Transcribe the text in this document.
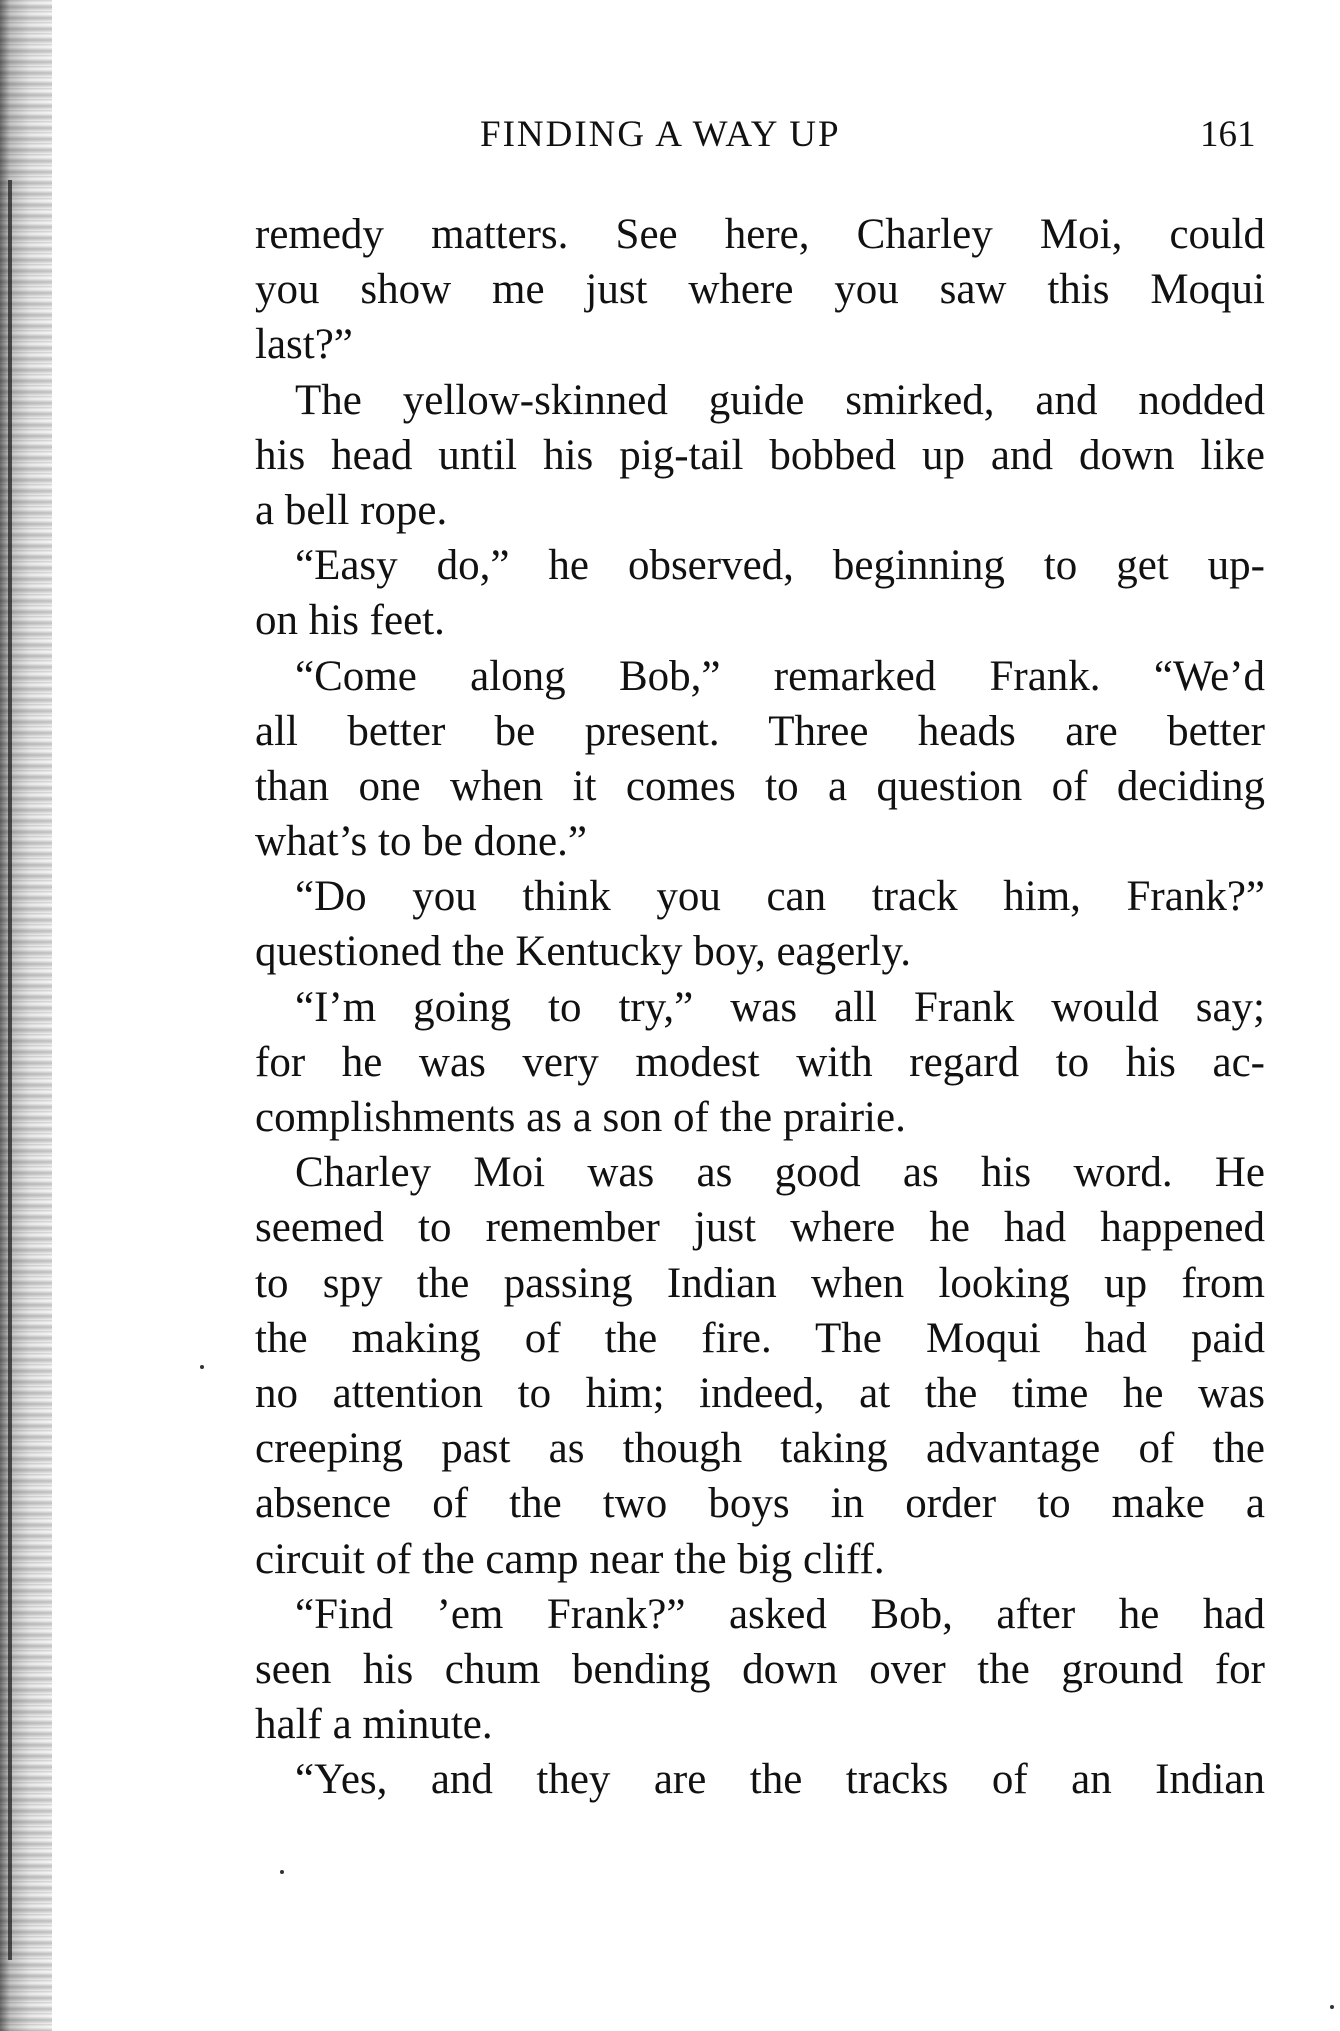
FINDING A WAY UP	161
remedy matters. See here, Charley Moi, could
you show me just where you saw this Moqui
last?”
The yellow-skinned guide smirked, and nodded
his head until his pig-tail bobbed up and down like
a bell rope.
“Easy do,” he observed, beginning to get up-
on his feet.
“Come along Bob,” remarked Frank. “We’d
all better be present. Three heads are better
than one when it comes to a question of deciding
what’s to be done.”
“Do you think you can track him, Frank?”
questioned the Kentucky boy, eagerly.
“I’m going to try,” was all Frank would say;
for he was very modest with regard to his ac-
complishments as a son of the prairie.
Charley Moi was as good as his word. He
seemed to remember just where he had happened
to spy the passing Indian when looking up from
the making of the fire. The Moqui had paid
no attention to him; indeed, at the time he was
creeping past as though taking advantage of the
absence of the two boys in order to make a
circuit of the camp near the big cliff.
“Find ’em Frank?” asked Bob, after he had
seen his chum bending down over the ground for
half a minute.
“Yes, and they are the tracks of an Indian
